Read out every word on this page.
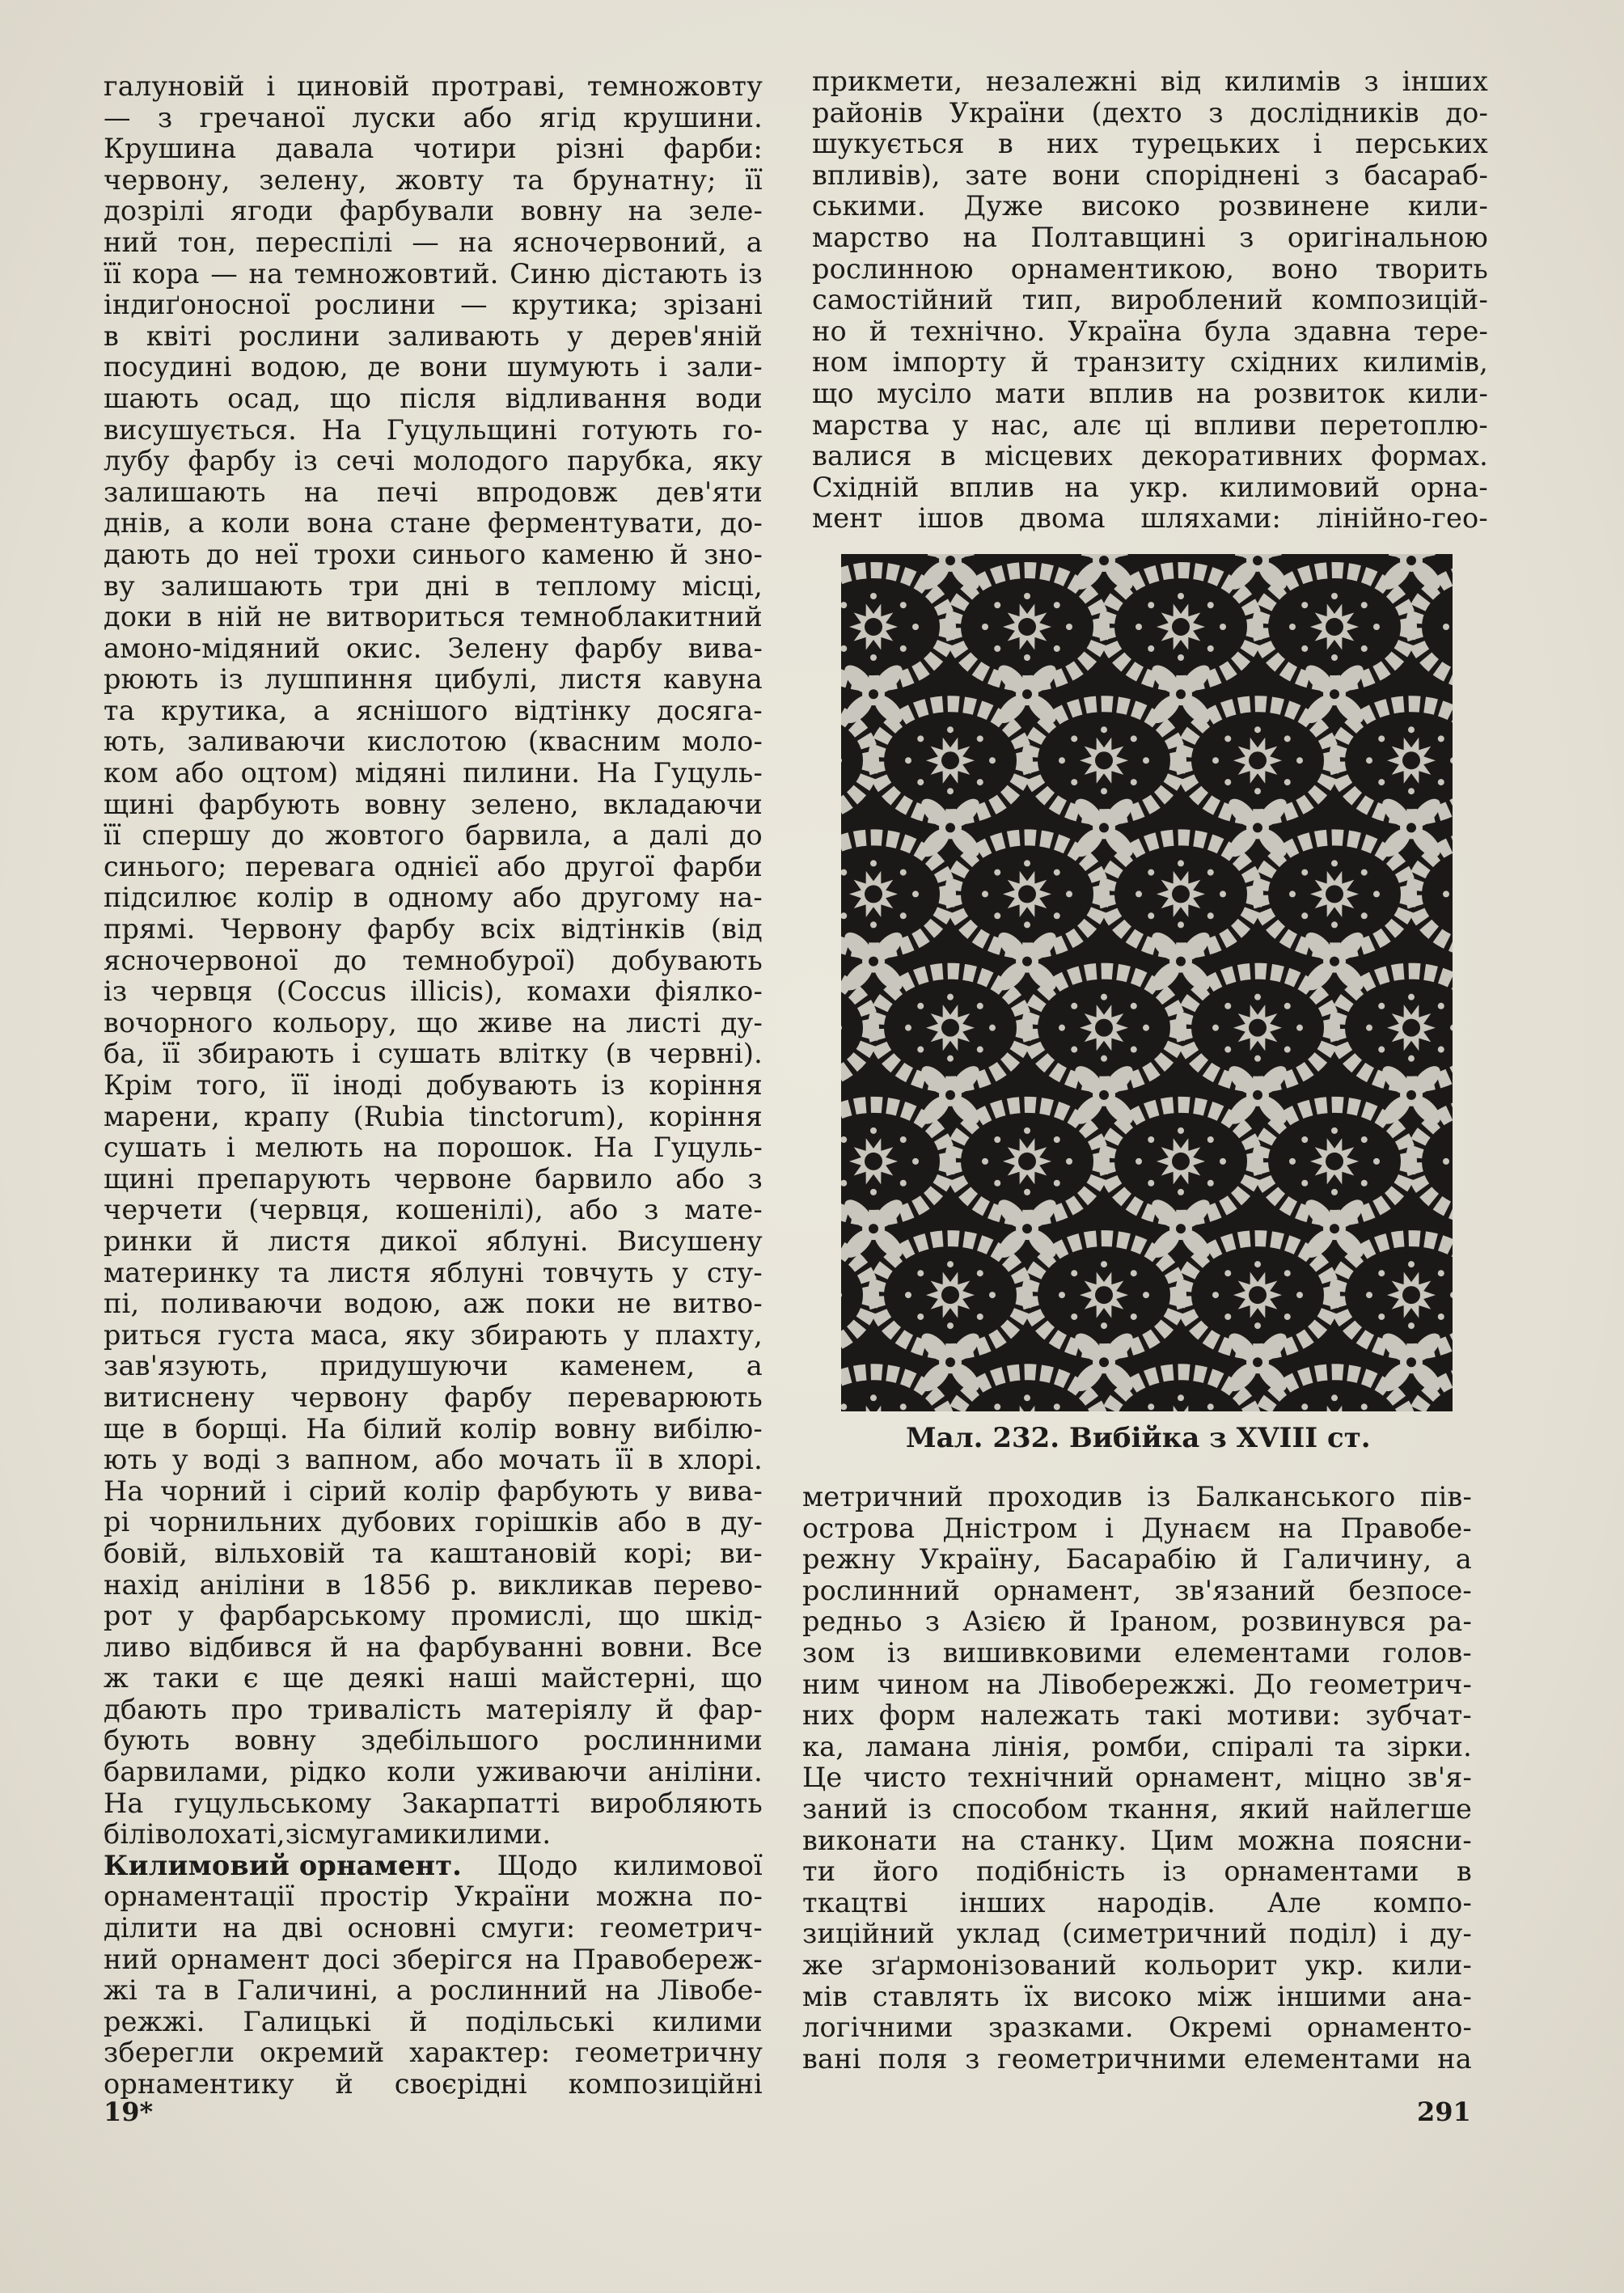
галуновій і циновій протраві, темножовту
— з гречаної луски або ягід крушини.
Крушина давала чотири різні фарби:
червону, зелену, жовту та брунатну; її
дозрілі ягоди фарбували вовну на зеле-
ний тон, переспілі — на ясночервоний, а
її кора — на темножовтий. Синю дістають із
індиґоносної рослини — крутика; зрізані
в квіті рослини заливають у дерев'яній
посудині водою, де вони шумують і зали-
шають осад, що після відливання води
висушується. На Гуцульщині готують го-
лубу фарбу із сечі молодого парубка, яку
залишають на печі впродовж дев'яти
днів, а коли вона стане ферментувати, до-
дають до неї трохи синього каменю й зно-
ву залишають три дні в теплому місці,
доки в ній не витвориться темноблакитний
амоно-мідяний окис. Зелену фарбу вива-
рюють із лушпиння цибулі, листя кавуна
та крутика, а яснішого відтінку досяга-
ють, заливаючи кислотою (квасним моло-
ком або оцтом) мідяні пилини. На Гуцуль-
щині фарбують вовну зелено, вкладаючи
її спершу до жовтого барвила, а далі до
синього; перевага однієї або другої фарби
підсилює колір в одному або другому на-
прямі. Червону фарбу всіх відтінків (від
ясночервоної до темнобурої) добувають
із червця (Coccus illicis), комахи фіялко-
вочорного кольору, що живе на листі ду-
ба, її збирають і сушать влітку (в червні).
Крім того, її іноді добувають із коріння
марени, крапу (Rubia tinctorum), коріння
сушать і мелють на порошок. На Гуцуль-
щині препарують червоне барвило або з
черчети (червця, кошенілі), або з мате-
ринки й листя дикої яблуні. Висушену
материнку та листя яблуні товчуть у сту-
пі, поливаючи водою, аж поки не витво-
риться густа маса, яку збирають у плахту,
зав'язують, придушуючи каменем, а
витиснену червону фарбу переварюють
ще в борщі. На білий колір вовну вибілю-
ють у воді з вапном, або мочать її в хлорі.
На чорний і сірий колір фарбують у вива-
рі чорнильних дубових горішків або в ду-
бовій, вільховій та каштановій корі; ви-
нахід аніліни в 1856 р. викликав перево-
рот у фарбарському промислі, що шкід-
ливо відбився й на фарбуванні вовни. Все
ж таки є ще деякі наші майстерні, що
дбають про тривалість матеріялу й фар-
бують вовну здебільшого рослинними
барвилами, рідко коли уживаючи аніліни.
На гуцульському Закарпатті виробляють
білі волохаті, зі смугами килими.
Килимовий орнамент. Щодо килимової
орнаментації простір України можна по-
ділити на дві основні смуги: геометрич-
ний орнамент досі зберігся на Правобереж-
жі та в Галичині, а рослинний на Лівобе-
режжі. Галицькі й подільські килими
зберегли окремий характер: геометричну
орнаментику й своєрідні композиційні
прикмети, незалежні від килимів з інших
районів України (дехто з дослідників до-
шукується в них турецьких і перських
впливів), зате вони споріднені з басараб-
ськими. Дуже високо розвинене кили-
марство на Полтавщині з оригінальною
рослинною орнаментикою, воно творить
самостійний тип, вироблений композицій-
но й технічно. Україна була здавна тере-
ном імпорту й транзиту східних килимів,
що мусіло мати вплив на розвиток кили-
марства у нас, алє ці впливи перетоплю-
валися в місцевих декоративних формах.
Східній вплив на укр. килимовий орна-
мент ішов двома шляхами: лінійно-гео-
Мал. 232. Вибійка з XVIII ст.
метричний проходив із Балканського пів-
острова Дністром і Дунаєм на Правобе-
режну Україну, Басарабію й Галичину, а
рослинний орнамент, зв'язаний безпосе-
редньо з Азією й Іраном, розвинувся ра-
зом із вишивковими елементами голов-
ним чином на Лівобережжі. До геометрич-
них форм належать такі мотиви: зубчат-
ка, ламана лінія, ромби, спіралі та зірки.
Це чисто технічний орнамент, міцно зв'я-
заний із способом ткання, який найлегше
виконати на станку. Цим можна поясни-
ти його подібність із орнаментами в
ткацтві інших народів. Але компо-
зиційний уклад (симетричний поділ) і ду-
же зґармонізований кольорит укр. кили-
мів ставлять їх високо між іншими ана-
логічними зразками. Окремі орнаменто-
вані поля з геометричними елементами на
19*	291
